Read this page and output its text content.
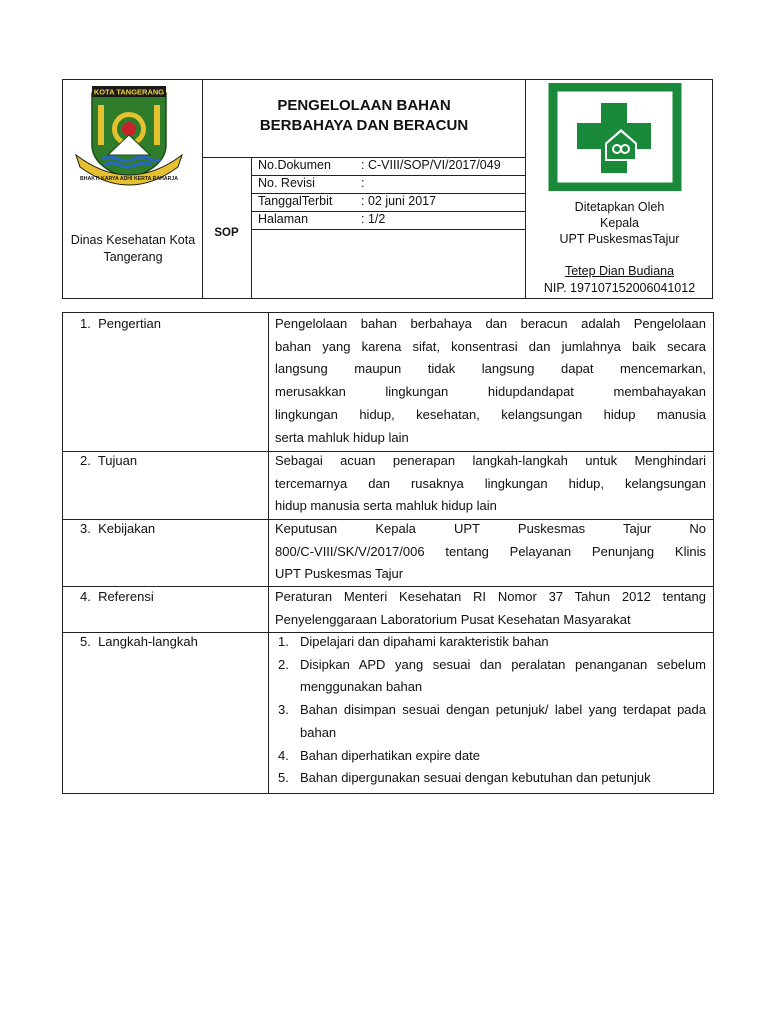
KOTA TANGERANG
BHAKTI KARYA ADHI KERTA RAHARJA
Dinas Kesehatan Kota Tangerang
PENGELOLAAN BAHAN BERBAHAYA DAN BERACUN
SOP
No.Dokumen : C-VIII/SOP/VI/2017/049
No. Revisi	:
TanggalTerbit : 02 juni 2017
Halaman	: 1/2
Ditetapkan Oleh
Kepala
UPT PuskesmasTajur
Tetep Dian Budiana
NIP. 197107152006041012
1.  Pengertian	Pengelolaan bahan berbahaya dan beracun adalah Pengelolaan
bahan yang karena sifat, konsentrasi dan jumlahnya baik secara
langsung maupun tidak langsung dapat mencemarkan,
merusakkan lingkungan hidupdandapat membahayakan
lingkungan hidup, kesehatan, kelangsungan hidup manusia
serta mahluk hidup lain
2.  Tujuan	Sebagai acuan penerapan langkah-langkah untuk Menghindari
tercemarnya dan rusaknya lingkungan hidup, kelangsungan
hidup manusia serta mahluk hidup lain
3.  Kebijakan	Keputusan Kepala UPT Puskesmas Tajur No
800/C-VIII/SK/V/2017/006 tentang Pelayanan Penunjang Klinis
UPT Puskesmas Tajur
4.  Referensi	Peraturan Menteri Kesehatan RI Nomor 37 Tahun 2012 tentang
Penyelenggaraan Laboratorium Pusat Kesehatan Masyarakat
5.  Langkah-langkah	1. Dipelajari dan dipahami karakteristik bahan
2. Disipkan APD yang sesuai dan peralatan penanganan sebelum menggunakan bahan
3. Bahan disimpan sesuai dengan petunjuk/ label yang terdapat pada bahan
4. Bahan diperhatikan expire date
5. Bahan dipergunakan sesuai dengan kebutuhan dan petunjuk
